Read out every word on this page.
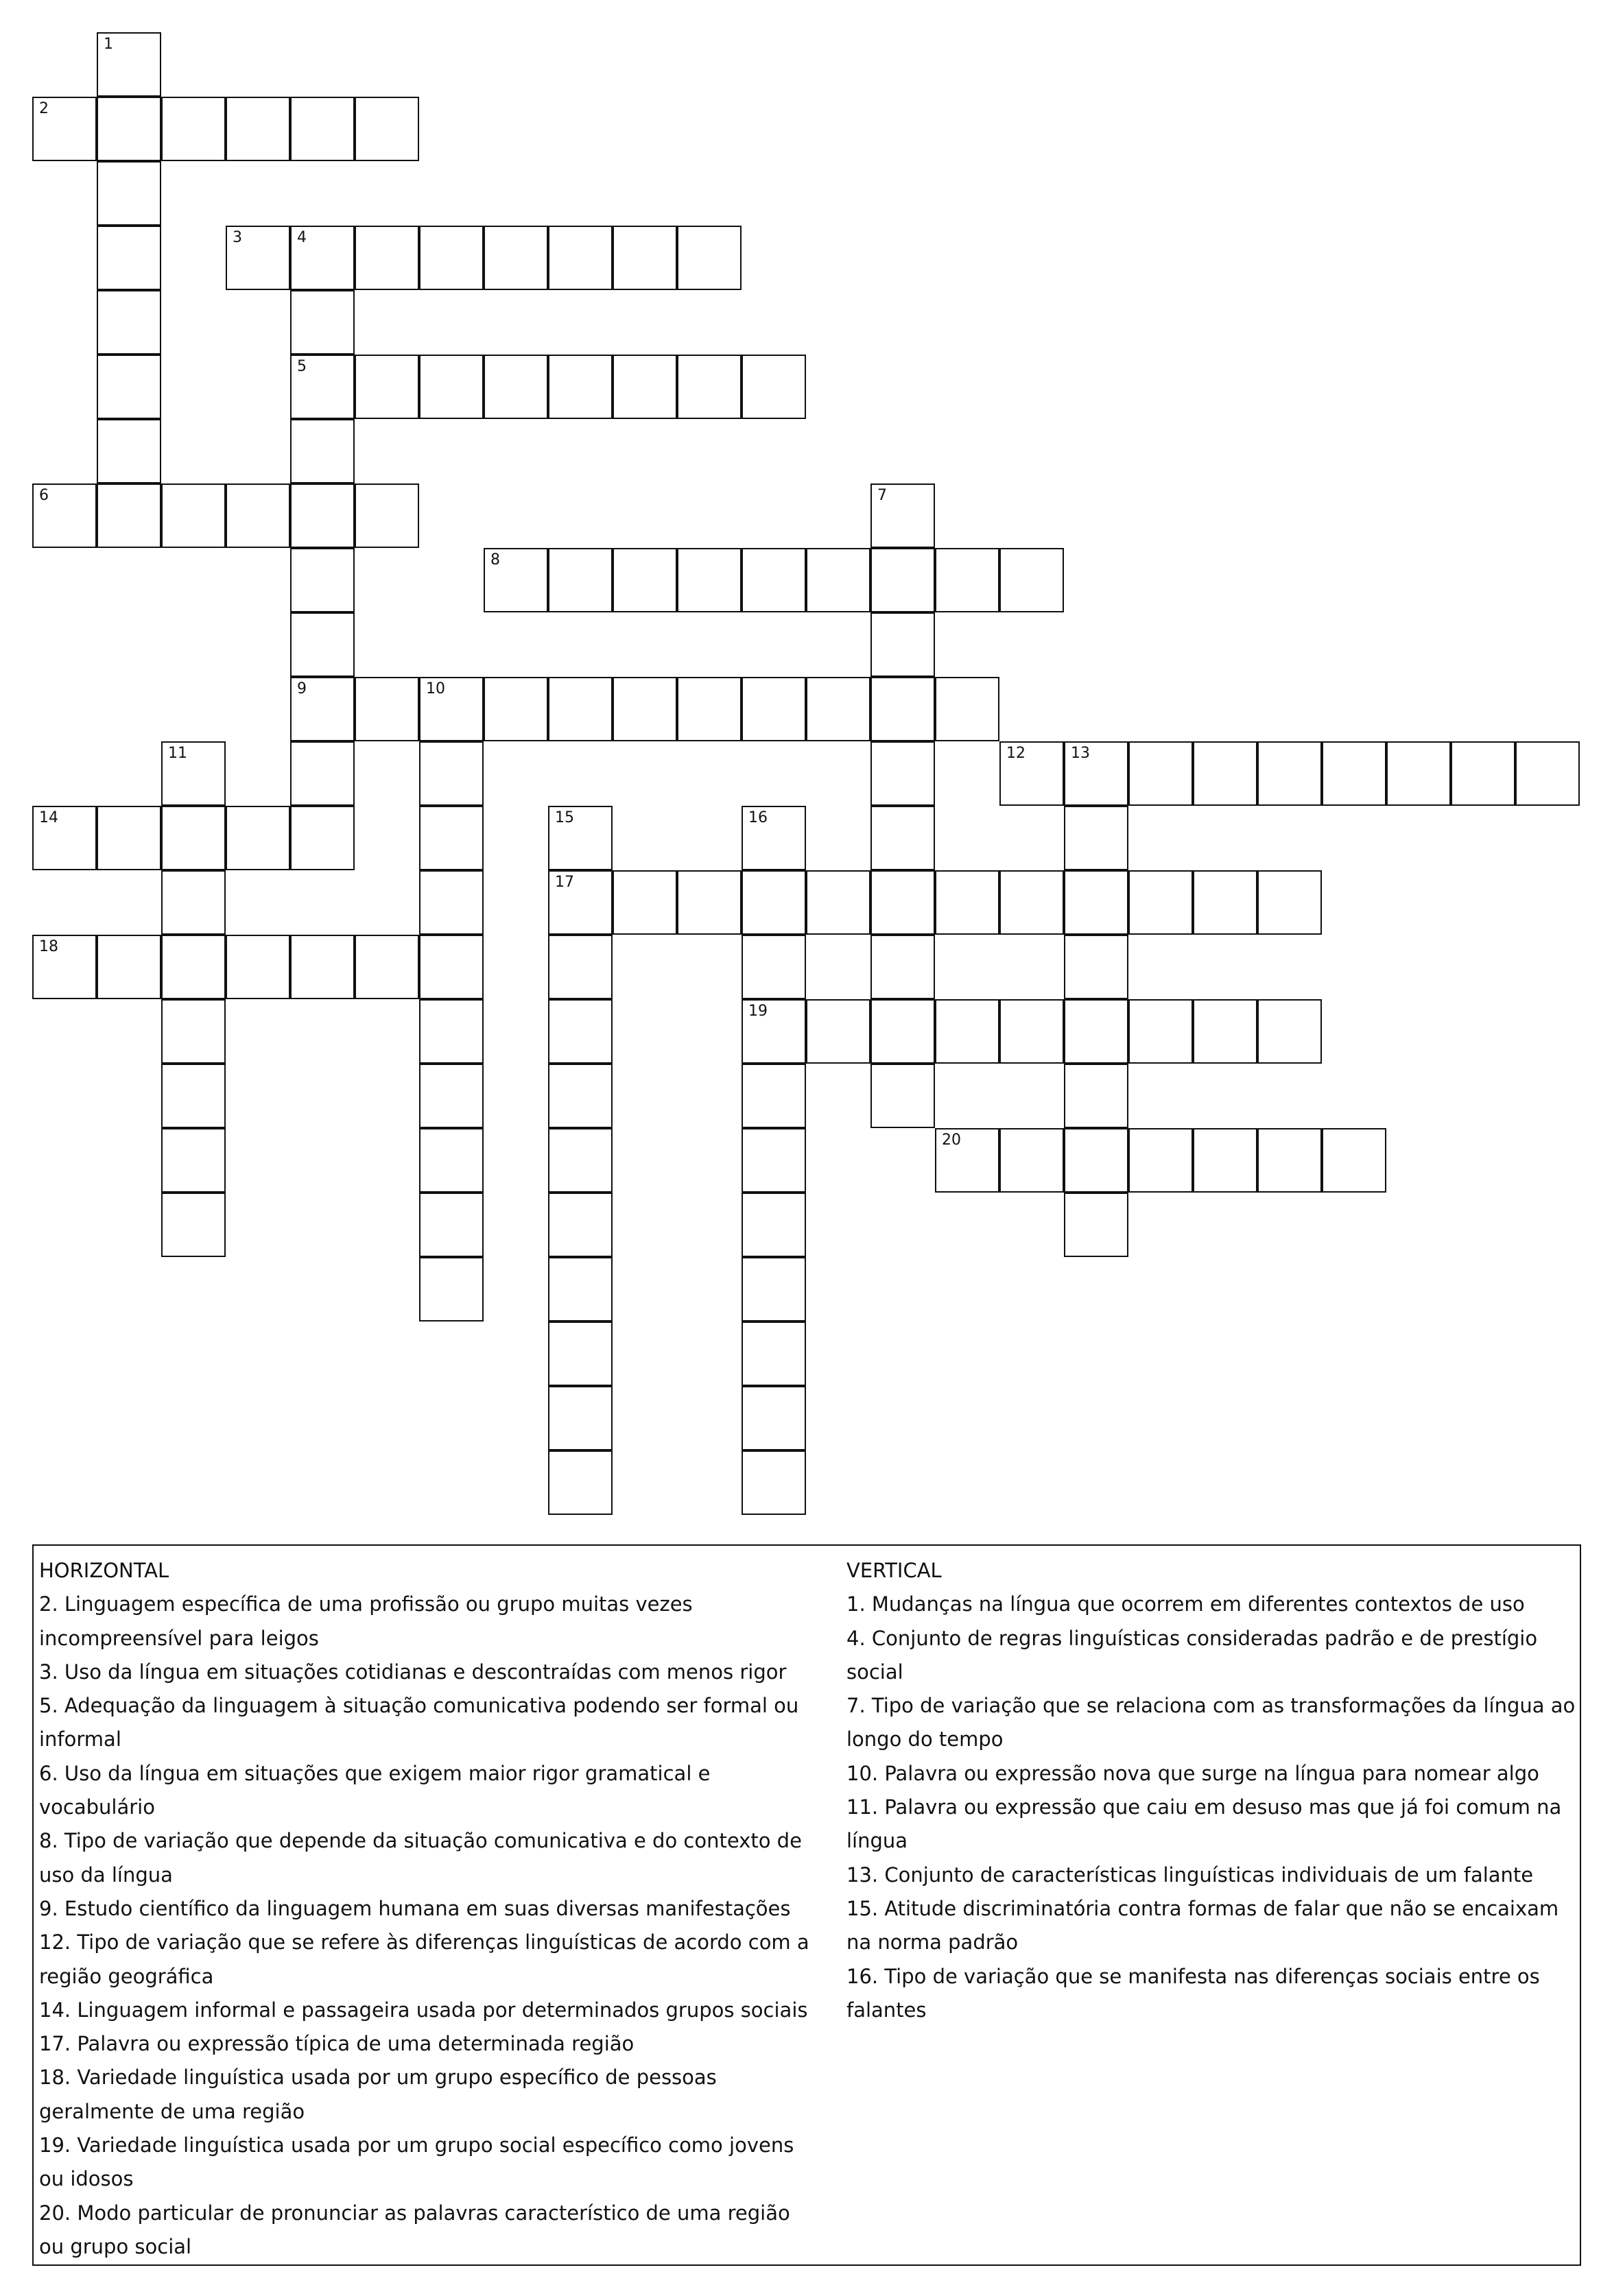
1
2
3	4
5
6	7
8
9	10
11	12	13
14	15	16
17
18
19
20
HORIZONTAL
2. Linguagem específica de uma profissão ou grupo muitas vezes incompreensível para leigos
3. Uso da língua em situações cotidianas e descontraídas com menos rigor
5. Adequação da linguagem à situação comunicativa podendo ser formal ou informal
6. Uso da língua em situações que exigem maior rigor gramatical e vocabulário
8. Tipo de variação que depende da situação comunicativa e do contexto de uso da língua
9. Estudo científico da linguagem humana em suas diversas manifestações
12. Tipo de variação que se refere às diferenças linguísticas de acordo com a região geográfica
14. Linguagem informal e passageira usada por determinados grupos sociais
17. Palavra ou expressão típica de uma determinada região
18. Variedade linguística usada por um grupo específico de pessoas geralmente de uma região
19. Variedade linguística usada por um grupo social específico como jovens ou idosos
20. Modo particular de pronunciar as palavras característico de uma região ou grupo social
VERTICAL
1. Mudanças na língua que ocorrem em diferentes contextos de uso
4. Conjunto de regras linguísticas consideradas padrão e de prestígio social
7. Tipo de variação que se relaciona com as transformações da língua ao longo do tempo
10. Palavra ou expressão nova que surge na língua para nomear algo
11. Palavra ou expressão que caiu em desuso mas que já foi comum na língua
13. Conjunto de características linguísticas individuais de um falante
15. Atitude discriminatória contra formas de falar que não se encaixam na norma padrão
16. Tipo de variação que se manifesta nas diferenças sociais entre os falantes
